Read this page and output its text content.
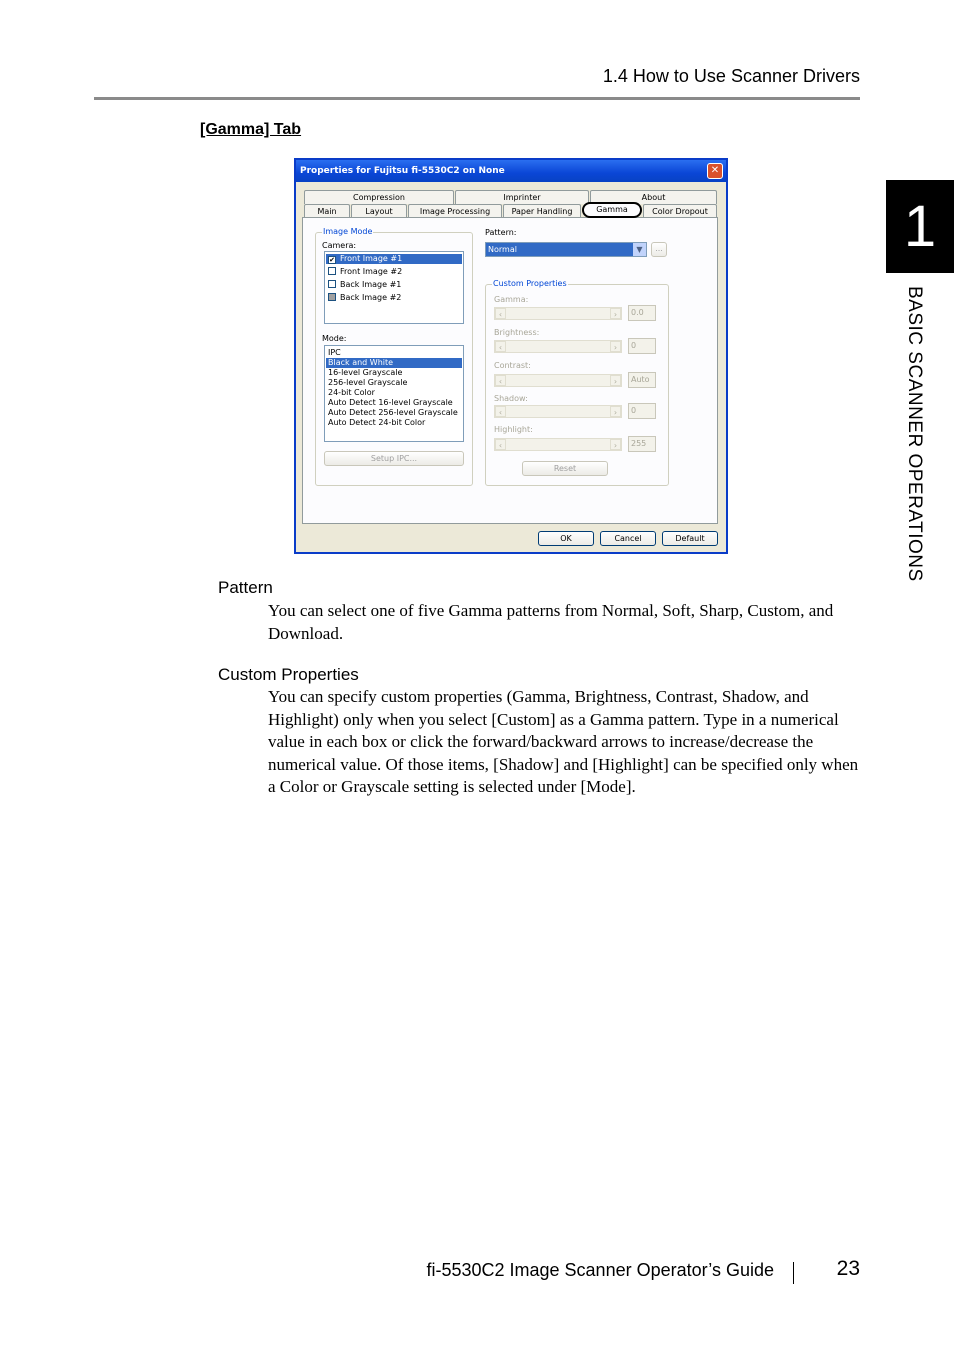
1.4 How to Use Scanner Drivers
[Gamma] Tab
1
BASIC SCANNER OPERATIONS
Properties for Fujitsu fi-5530C2 on None	✕
Compression	Imprinter	About
Main	Layout	Image Processing	Paper Handling	Gamma	Color Dropout
Image Mode
Camera:
✔ Front Image #1
Front Image #2
Back Image #1
Back Image #2
Mode:
IPC
Black and White
16-level Grayscale
256-level Grayscale
24-bit Color
Auto Detect 16-level Grayscale
Auto Detect 256-level Grayscale
Auto Detect 24-bit Color
Setup IPC...
Pattern:
Normal	▼	...
Custom Properties
Gamma:
‹	›	0.0
Brightness:
‹	›	0
Contrast:
‹	›	Auto
Shadow:
‹	›	0
Highlight:
‹	›	255
Reset
OK	Cancel	Default
Pattern
You can select one of five Gamma patterns from Normal, Soft, Sharp, Custom, and Download.
Custom Properties
You can specify custom properties (Gamma, Brightness, Contrast, Shadow, and Highlight) only when you select [Custom] as a Gamma pattern. Type in a numerical value in each box or click the forward/backward arrows to increase/decrease the numerical value. Of those items, [Shadow] and [Highlight] can be specified only when a Color or Grayscale setting is selected under [Mode].
fi-5530C2 Image Scanner Operator’s Guide	23
